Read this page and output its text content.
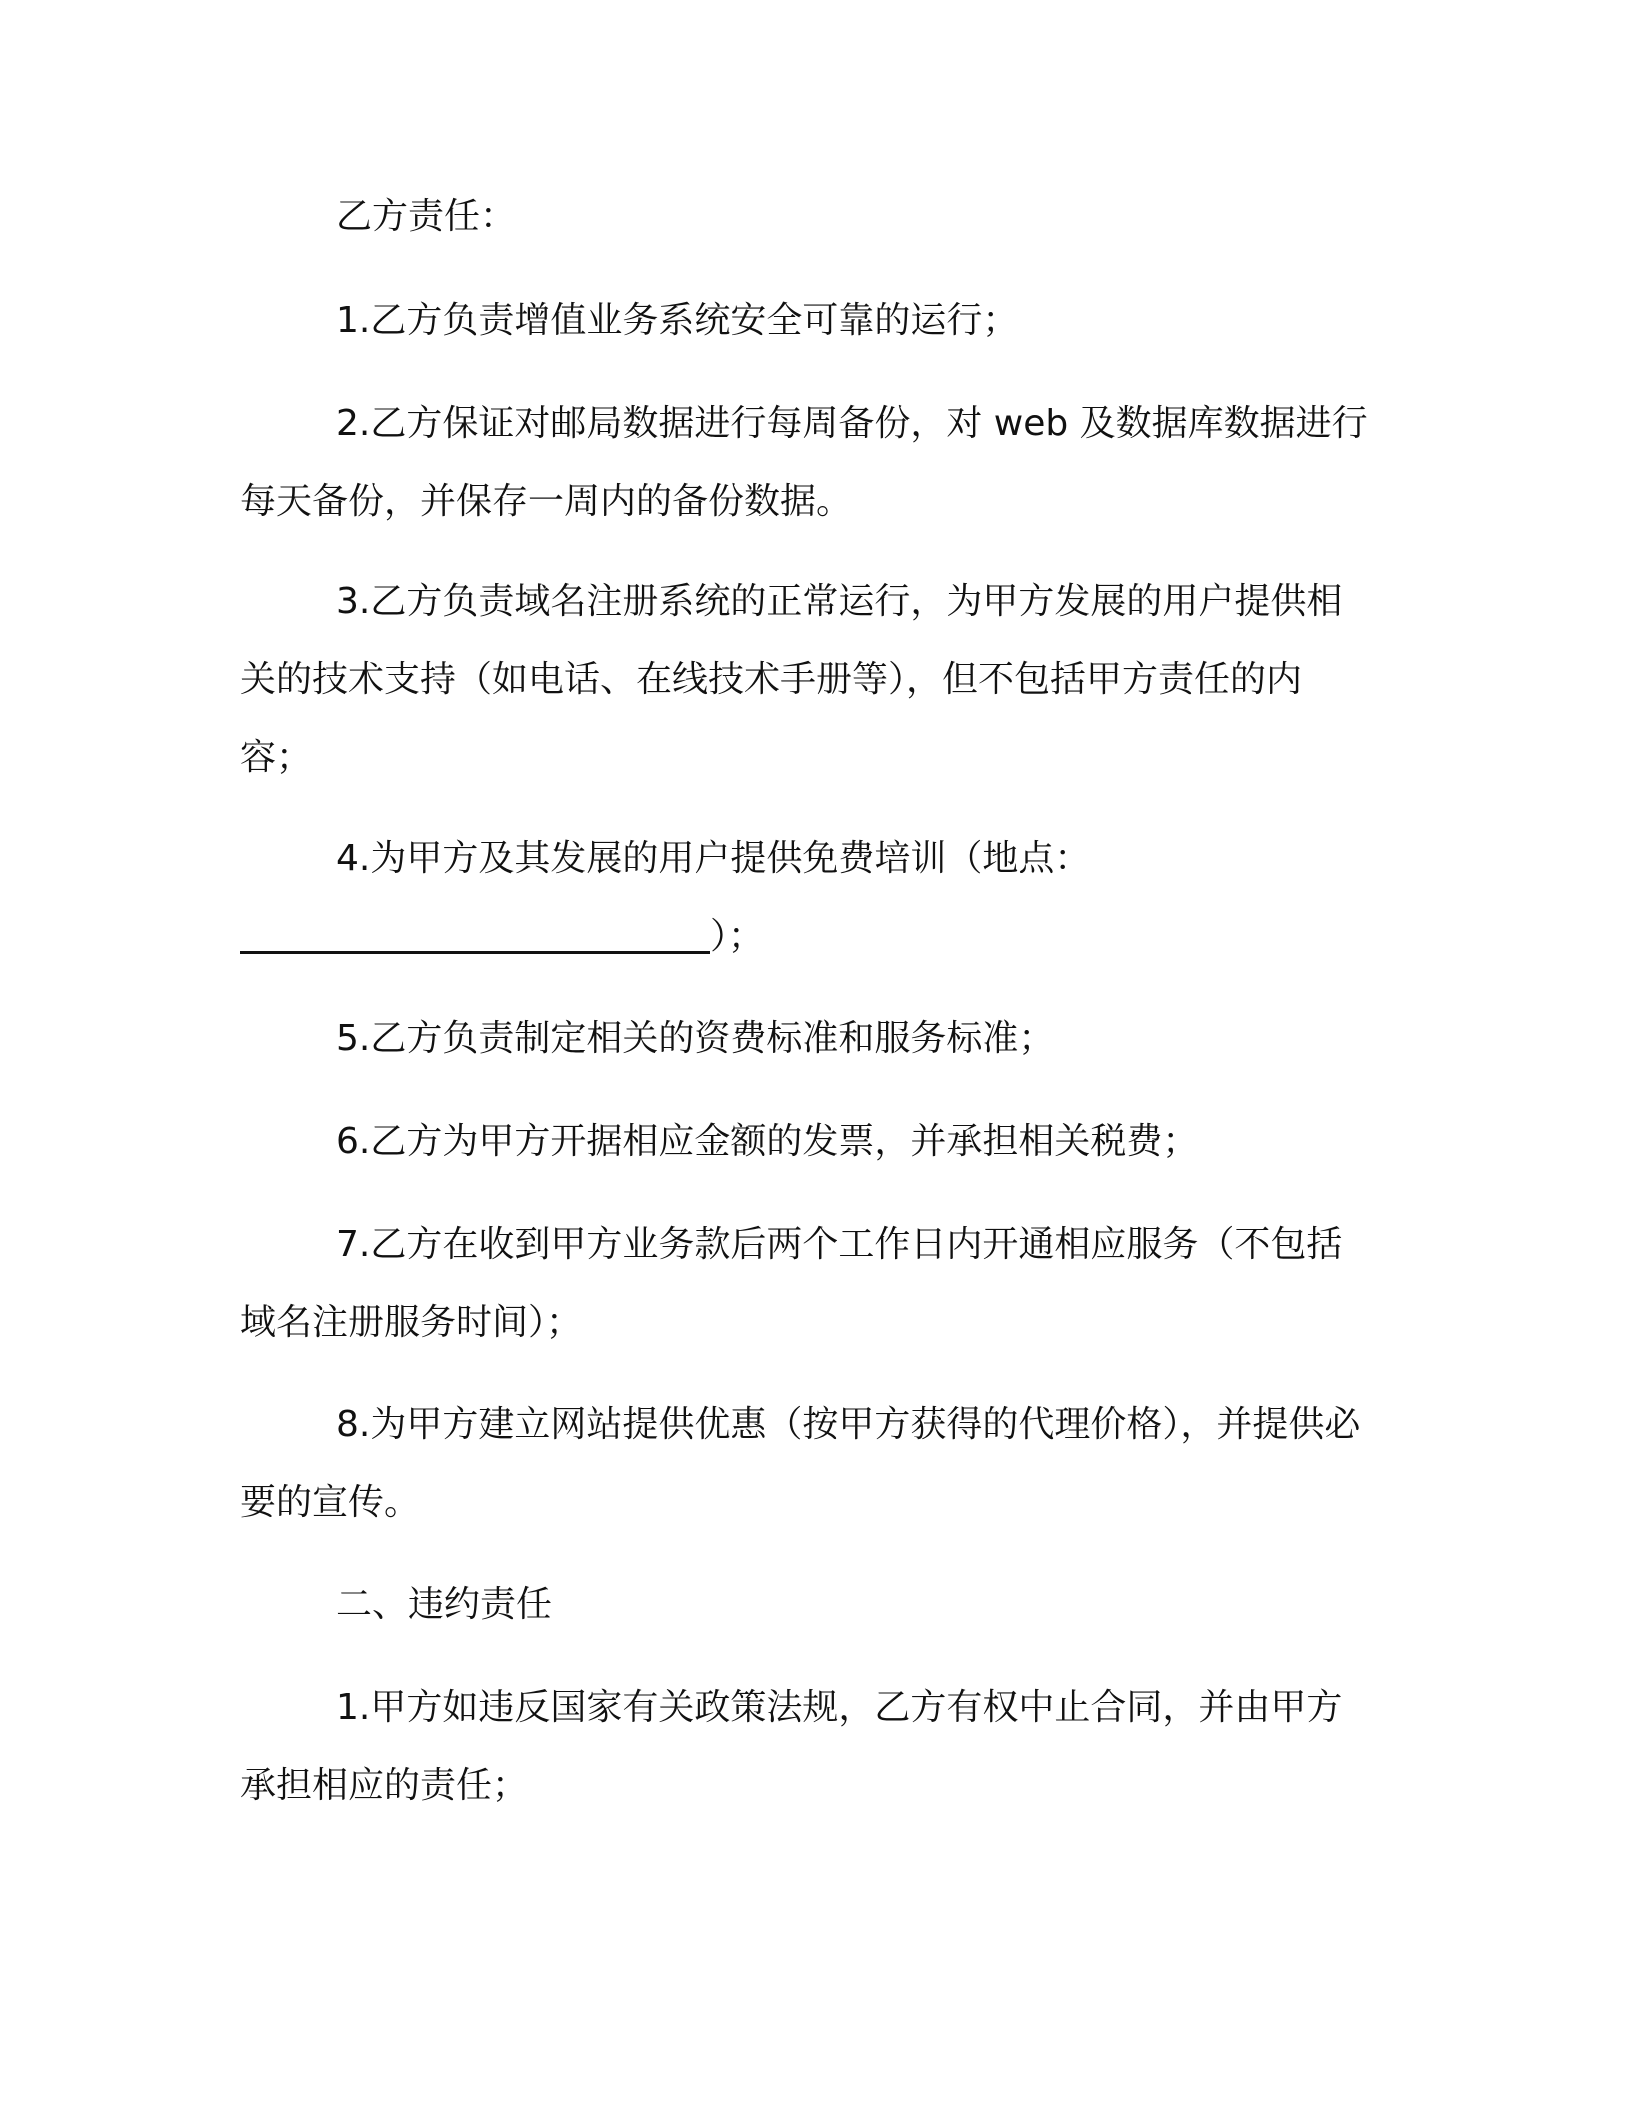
乙方责任：

1.乙方负责增值业务系统安全可靠的运行；

2.乙方保证对邮局数据进行每周备份，对 web 及数据库数据进行每天备份，并保存一周内的备份数据。

3.乙方负责域名注册系统的正常运行，为甲方发展的用户提供相关的技术支持（如电话、在线技术手册等），但不包括甲方责任的内容；

4.为甲方及其发展的用户提供免费培训（地点：
）；

5.乙方负责制定相关的资费标准和服务标准；

6.乙方为甲方开据相应金额的发票，并承担相关税费；

7.乙方在收到甲方业务款后两个工作日内开通相应服务（不包括域名注册服务时间）；

8.为甲方建立网站提供优惠（按甲方获得的代理价格），并提供必要的宣传。

二、违约责任

1.甲方如违反国家有关政策法规，乙方有权中止合同，并由甲方承担相应的责任；
